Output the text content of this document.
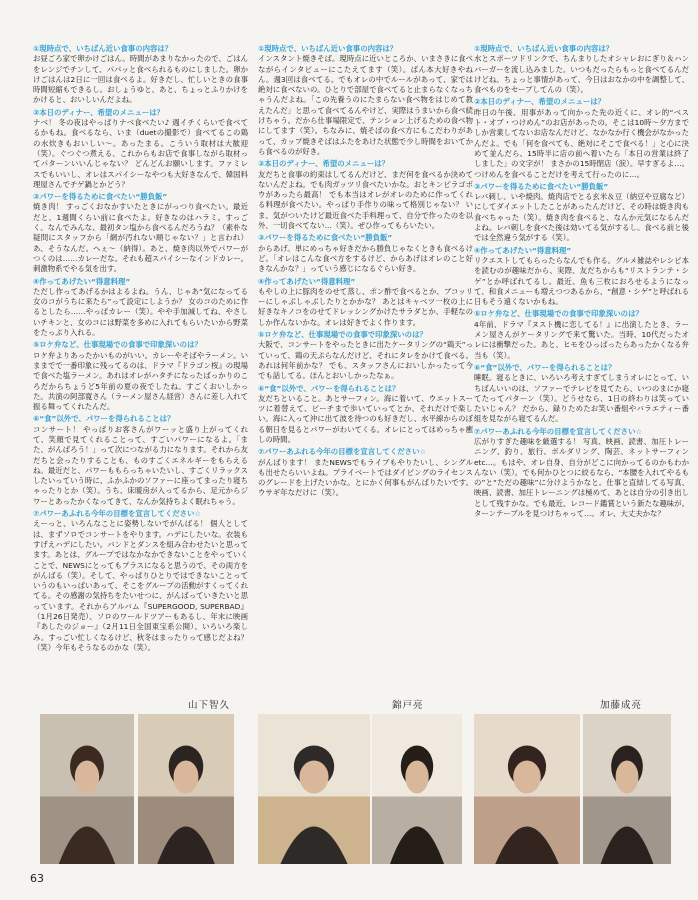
①現時点で、いちばん近い食事の内容は？
お昼ごろ家で卵かけごはん。時間があまりなかったので、ごはんをレンジでチンして、パパッと食べられるものにしました。卵かけごはんは2日に一回は食べるよ。好きだし、忙しいときの食事時間短縮もできるし。おしょうゆと、あと、ちょっとふりかけをかけると、おいしいんだよね。
②本日のディナー、希望のメニューは？
ナベ！ 冬の夜はやっぱりナベ食べたい♪ 週イチくらいで食べてるかもね。食べるなら、いま（duetの撮影で）食べてるこの鶏の水炊きもおいしい～。あったまる。こういう取材は大歓迎（笑）。ぐつぐつ煮える、これからもお店で食事しながら取材ってパターンいいんじゃない？ どんどんお願いします。ファミレスでもいいし、オレはスパイシーなやつも大好きなんで、韓国料理屋さんでチゲ鍋とかどう？
③パワーを得るために食べたい“勝負飯”
焼き肉！ すっごくおなかすいたときにがっつり食べたい。最近だと、1週間くらい前に食べたよ。好きなのはハラミ。すっごく、なんでみんな、最初タン塩から食べるんだろうね？（素朴な疑問にスタッフから「網が汚れない順じゃない？」と言われ）あ、そうなんだ。へぇ～（納得）。あと、焼き肉以外でパワーがつくのは……カレーだな。それも超スパイシーなインドカレー。刺激物系でやる気を出す。
④作ってあげたい“得意料理”
ただし作ってあげるかはよるよね。うん、じゃあ“気になってる女のコがうちに来たら”って設定にしようか？ 女のコのために作るとしたら……やっぱカレー（笑）。やや手加減してね、やさしいチキンと、女のコには野菜を多めに入れてもらいたいから野菜をたっぷり入れる。
⑤ロケ弁など、仕事現場での食事で印象深いのは？
ロケ弁よりあったかいものがいい。カレーやそばやラーメン。いままでで一番印象に残ってるのは、ドラマ『ドラゴン桜』の現場で食べた塩ラーメン。あれはオレがハタチになったばっかりのころだからちょうど5年前の夏の夜でしたね。すごくおいしかった。共演の阿部寛さん（ラーメン屋さん経営）さんに差し入れて振る舞ってくれたんだ。
⑥“食”以外で、パワーを得られることは？
コンサート！ やっぱりお客さんがワーッと盛り上がってくれて、笑顔で見てくれることって、すごいパワーになるよ。「また、がんばろう！」って次につながる力になります。それから友だちと会ったりすることも、ものすごくエネルギーをもらえるね。最近だと、パワーももらっちゃいたいし、すごくリラックスしたいっていう時に、ふかふかのソファーに座ってまったり寝ちゃったりとか（笑）。うち、床暖房が入ってるから、足元からジワーとあったかくなってきて、なんか気持ちよく眠れちゃう。
⑦パワーあふれる今年の目標を宣言してください☆
えーっと、いろんなことに姿勢しないでがんばる！ 個人としては、まずソロでコンサートをやります。ハデにしたいな。衣装もすげえハデにしたい。バンドとダンスを組み合わせたいと思ってます。あとは、グループではなかなかできないことをやっていくことで、NEWSにとってもプラスになると思うので、その両方をがんばる（笑）。そして、やっぱりひとりではできないことっていうのもいっぱいあって、そこをグループの活動がすくってくれてる。その感謝の気持ちをたいせつに、がんばっていきたいと思っています。それからアルバム『SUPERGOOD, SUPERBAD』（1月26日発売）、ソロのワールドツアーもあるし、年末に映画『あしたのジョー』（2月11日全国東宝系公開）、いろいろ楽しみ。すっごい忙しくなるけど、秋冬はまったりって感じだよね？（笑）今年もそうなるのかな（笑）。
①現時点で、いちばん近い食事の内容は？
インスタント焼きそば。現時点に近いところか、いまさきに食べながらインタビューにこたえてます（笑）。ぱん本大好きやねん。週3回は食べてる。でもオレの中でルールがあって、家では絶対に食べないの。ひとりで部屋で食べてると止まらなくなっちゃうんだよね。「この先養うのにたまらない食べ物をはじめて教えたんだ」と思って食べてるんやけど、実際はうまいから食べ続けちゃう。だから仕事場限定で、テンション上げるための食べ物にしてます（笑）。ちなみに、焼そばの食べ方にもこだわりがあって、カップ焼きそばはふたをあけた状態で少し時間をおいてから食べるのが好き。
②本日のディナー、希望のメニューは？
友だちと食事の約束はしてるんだけど、まだ何を食べるか決めてないんだよね。でも肉ガッツリ食べたいかな。おとキンピラゴボウがあったら最高！ でも本当はオレがオレのために作ってくれる料理が食べたい。やっぱり手作りの味って格別じゃない？ いま、気がついたけど最近食べた手料理って、自分で作ったのを以外、一切食べてない…（笑）。ぜひ作ってもらいたい。
③パワーを得るために食べたい“勝負飯”
からあげ。単にめっちゃ好きだから勝負じゃなくときも食べるけど。「オレはこんな食べ方をするけど、からあげはオレのこと好きなんかな？」っていう感じになるぐらい好き。
④作ってあげたい“得意料理”
もやしの上に豚肉をのせて蒸し、ポン酢で食べるとか、ブコッリーにしゃぶしゃぶしたりとかかな？ あとはキャベツ一枚の上に好きなキノコをのせてドレッシングかけたサラダとか、手軽なのしか作んないかな。オレは好きでよく作ります。
⑤ロケ弁など、仕事現場での食事で印象深いのは？
大阪で、コンサートをやったときに出たケータリングの“鶏天”っていって、鶏の天ぷらなんだけど、それにタレをかけて食べる。あれは何年前かな？ でも、スタッフさんにおいしかったって今でも話してる。ほんとおいしかったなぁ。
⑥“食”以外で、パワーを得られることは？
友だちといること。あとサーフィン。海に着いて、ウエットスーツに着替えて、ビーチまで歩いていってとか、それだけで楽しい。海に入って沖に出て波を待つのも好きだし、水平線からのぼる朝日を見るとパワーがわいてくる。オレにとってはめっちゃ癒しの時間。
⑦パワーあふれる今年の目標を宣言してください☆
がんばります！ またNEWSでもライブもやりたいし、シングルも出せたらいいよね。プライベートではダイビングのライセンスのグレードを上げたいかな。とにかく何事もがんばりたいです。ウサギ年なだけに（笑）。
①現時点で、いちばん近い食事の内容は？
水とスポーツドリンクで、ちんまりしたオシャレおにぎり＆ハンバーガーを流し込みました。いつもだったらもっと食べてるんだけどね。ちょっと事情があって、今日はおなかの中を調整して、食べものをセーブしてんの（笑）。
②本日のディナー、希望のメニューは？
昨日の午後、用事があって向かった先の近くに、オレ的“ベスト・オブ・つけめん”のお店があったの。そこは10時～夕方までしか営業してないお店なんだけど、なかなか行く機会がなかったんだよ。でも「何を食べても、絶対にそこで食べる！」と心に決めて並んだら、15時半に店の前へ着いたら「本日の営業は終了しました」の文字が！ まさかの15時閉店（涙）。早すぎるよ…。つけめんを食べることだけを考えて行ったのに…。
③パワーを得るために食べたい“勝負飯”
レバ刺し、いや焼肉。焼肉店でとる玄米＆豆（納豆や豆腐など）にしてダイエットしたことがあったんだけど、その時は焼き肉も食べちゃった（笑）。焼き肉を食べると、なんか元気になるんだよね。レバ刺しを食べた後は効いてる気がするし。食べる前と後では全然違う気がする（笑）。
④作ってあげたい“得意料理”
リクエストしてもらったらなんでも作る。グルメ雑誌やレシピ本を読むのが趣味だから、実際、友だちからも“リストランテ・シゲ”とか呼ばれてるし。最近、魚も三枚におろせるようになって、和食メニューも増えつつあるから、“創意・シゲ”と呼ばれる日もそう遠くないかもね。
⑤ロケ弁など、仕事現場での食事で印象深いのは？
4年前、ドラマ『ヌスト機に恋してる！』に出演したとき、ラーメン屋さんがケータリングで来て驚いた。当時、10代だったオレには衝撃だった。あと、ヒモをひっぱったらあったかくなる弁当も（笑）。
⑥“食”以外で、パワーを得られることは？
睡眠。寝るときに、いろいろ考えすぎてしまうオレにとって、いちばんいいのは、ソファーでテレビを見てたら、いつのまにか寝てたってパターン（笑）。どうせなら、1日の終わりは笑っていたいじゃん？ だから、録りためたお笑い番組やバラエティー番組を見ながら寝てるんだ。
⑦パワーあふれる今年の目標を宣言してください☆
広がりすぎた趣味を厳選する！ 写真、映画、読書、加圧トレーニング、釣り、旅行、ボルダリング、陶芸、ネットサーフィン etc…。もはや、オレ自身、自分がどこに向かってるのかもわかんない（笑）。でも何かひとつに絞るなら、“本腰を入れてやるもの”と“ただの趣味”に分けようかなと。仕事と直結してる写真、映画、読書、加圧トレーニングは極めて、あとは自分の引き出しとして残すかな。でも最近、レコード鑑賞という新たな趣味が。ターンテーブルを見つけちゃって…。オレ、大丈夫かな？
山下智久	錦戸亮	加藤成亮
63
